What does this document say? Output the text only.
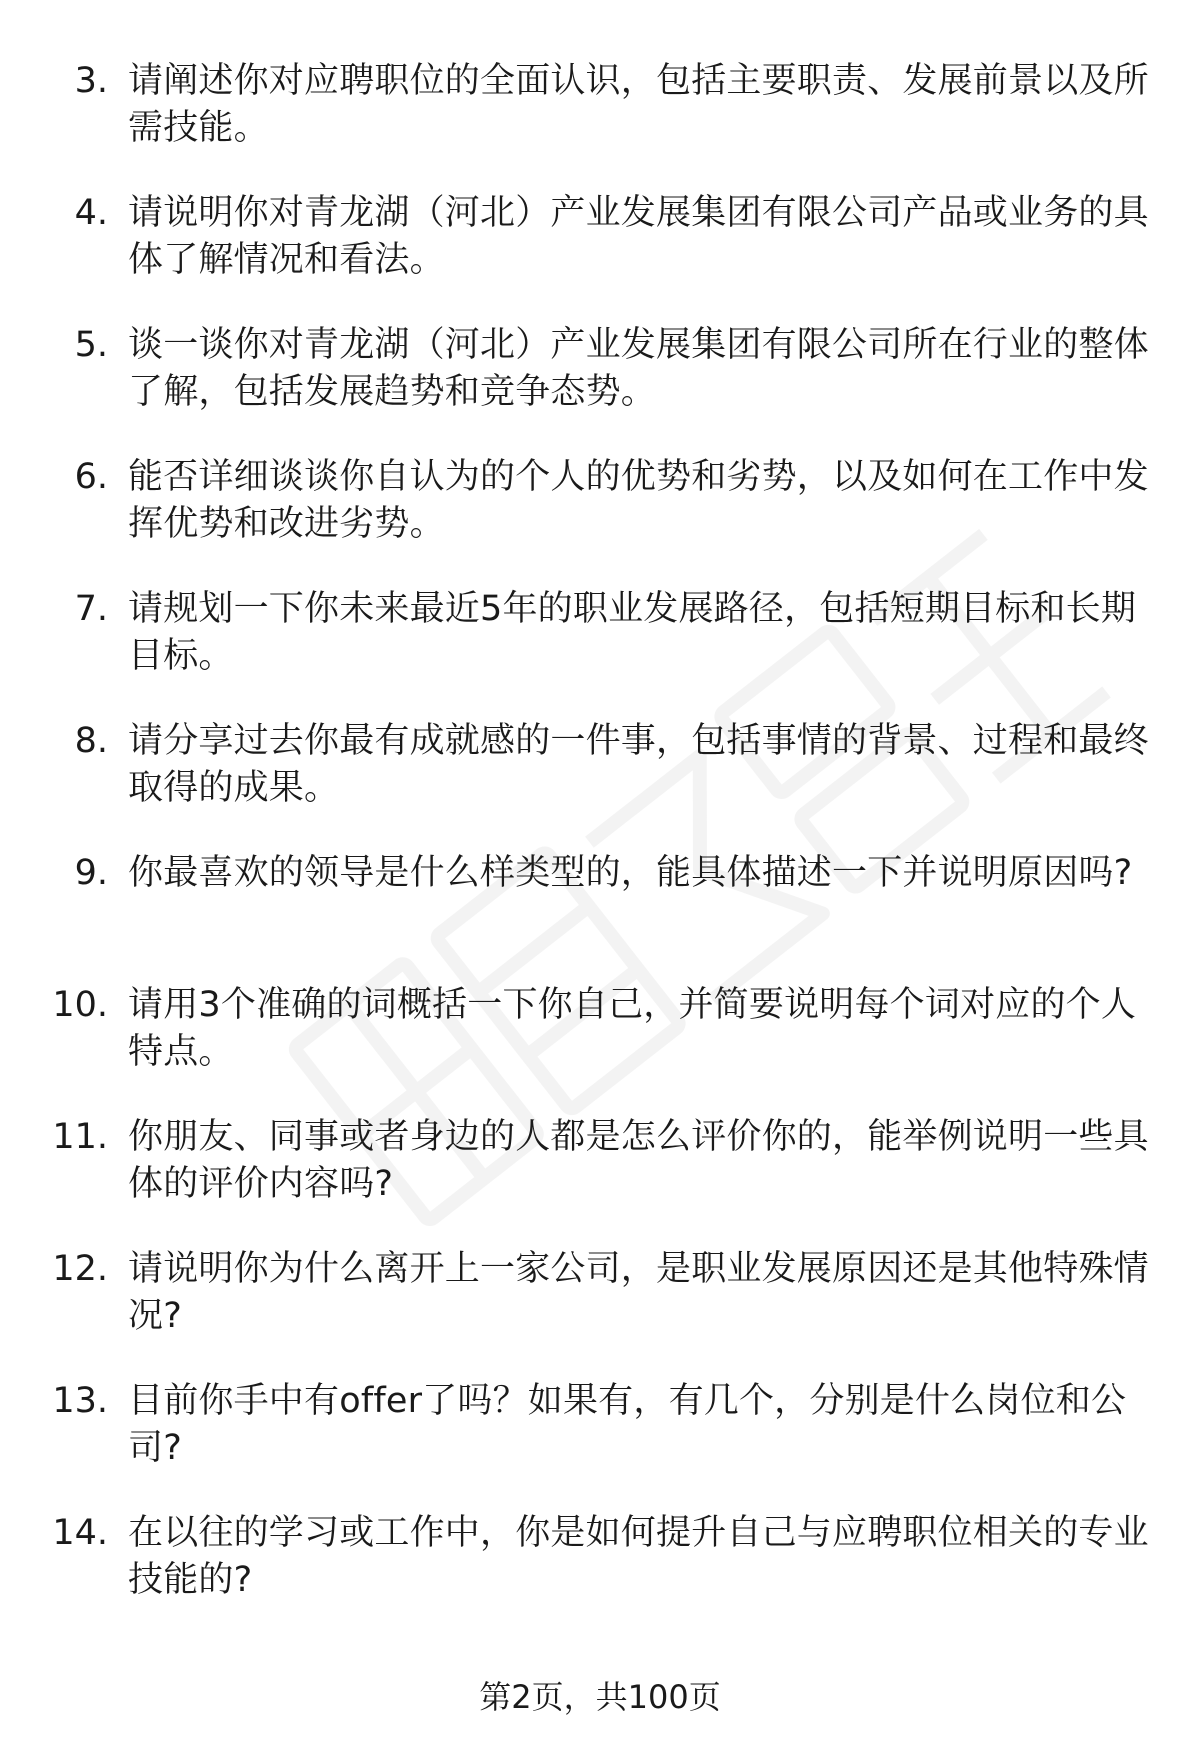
3. 请阐述你对应聘职位的全面认识，包括主要职责、发展前景以及所需技能。
4. 请说明你对青龙湖（河北）产业发展集团有限公司产品或业务的具体了解情况和看法。
5. 谈一谈你对青龙湖（河北）产业发展集团有限公司所在行业的整体了解，包括发展趋势和竞争态势。
6. 能否详细谈谈你自认为的个人的优势和劣势，以及如何在工作中发挥优势和改进劣势。
7. 请规划一下你未来最近5年的职业发展路径，包括短期目标和长期目标。
8. 请分享过去你最有成就感的一件事，包括事情的背景、过程和最终取得的成果。
9. 你最喜欢的领导是什么样类型的，能具体描述一下并说明原因吗?
10. 请用3个准确的词概括一下你自己，并简要说明每个词对应的个人特点。
11. 你朋友、同事或者身边的人都是怎么评价你的，能举例说明一些具体的评价内容吗?
12. 请说明你为什么离开上一家公司，是职业发展原因还是其他特殊情况?
13. 目前你手中有offer了吗？如果有，有几个，分别是什么岗位和公司?
14. 在以往的学习或工作中，你是如何提升自己与应聘职位相关的专业技能的?
第2页，共100页
